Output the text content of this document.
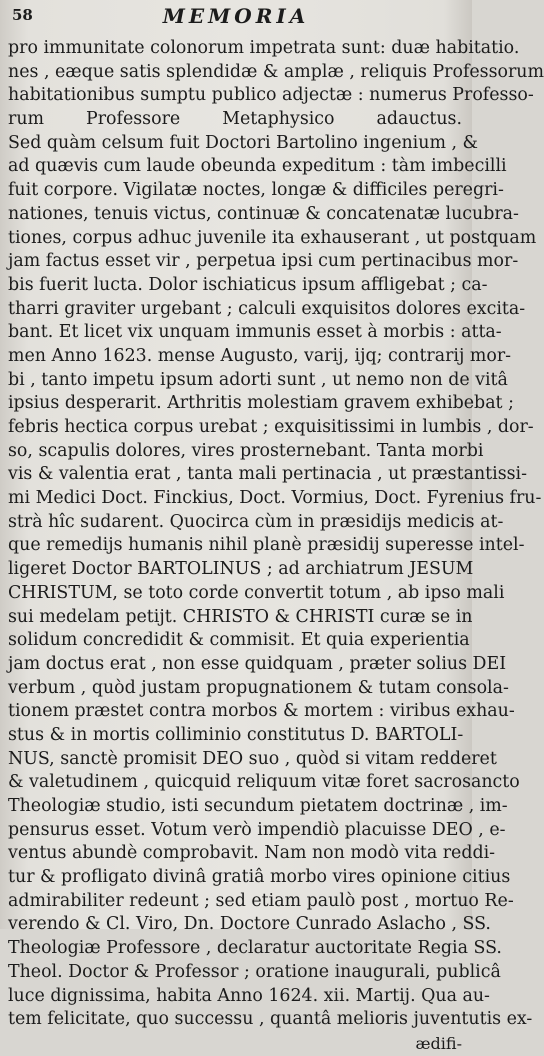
58	MEMORIA
pro immunitate colonorum impetrata sunt: duæ habitatio.
nes , eæque satis splendidæ & amplæ , reliquis Professorum
habitationibus sumptu publico adjectæ : numerus Professo-
rum Professore Metaphysico adauctus.
Sed quàm celsum fuit Doctori Bartolino ingenium , &
ad quævis cum laude obeunda expeditum : tàm imbecilli
fuit corpore. Vigilatæ noctes, longæ & difficiles peregri-
nationes, tenuis victus, continuæ & concatenatæ lucubra-
tiones, corpus adhuc juvenile ita exhauserant , ut postquam
jam factus esset vir , perpetua ipsi cum pertinacibus mor-
bis fuerit lucta. Dolor ischiaticus ipsum affligebat ; ca-
tharri graviter urgebant ; calculi exquisitos dolores excita-
bant. Et licet vix unquam immunis esset à morbis : atta-
men Anno 1623. mense Augusto, varij, ijq; contrarij mor-
bi , tanto impetu ipsum adorti sunt , ut nemo non de vitâ
ipsius desperarit. Arthritis molestiam gravem exhibebat ;
febris hectica corpus urebat ; exquisitissimi in lumbis , dor-
so, scapulis dolores, vires prosternebant. Tanta morbi
vis & valentia erat , tanta mali pertinacia , ut præstantissi-
mi Medici Doct. Finckius, Doct. Vormius, Doct. Fyrenius fru-
strà hîc sudarent. Quocirca cùm in præsidijs medicis at-
que remedijs humanis nihil planè præsidij superesse intel-
ligeret Doctor BARTOLINUS ; ad archiatrum JESUM
CHRISTUM, se toto corde convertit totum , ab ipso mali
sui medelam petijt. CHRISTO & CHRISTI curæ se in
solidum concredidit & commisit. Et quia experientia
jam doctus erat , non esse quidquam , præter solius DEI
verbum , quòd justam propugnationem & tutam consola-
tionem præstet contra morbos & mortem : viribus exhau-
stus & in mortis colliminio constitutus D. BARTOLI-
NUS, sanctè promisit DEO suo , quòd si vitam redderet
& valetudinem , quicquid reliquum vitæ foret sacrosancto
Theologiæ studio, isti secundum pietatem doctrinæ , im-
pensurus esset. Votum verò impendiò placuisse DEO , e-
ventus abundè comprobavit. Nam non modò vita reddi-
tur & profligato divinâ gratiâ morbo vires opinione citius
admirabiliter redeunt ; sed etiam paulò post , mortuo Re-
verendo & Cl. Viro, Dn. Doctore Cunrado Aslacho , SS.
Theologiæ Professore , declaratur auctoritate Regia SS.
Theol. Doctor & Professor ; oratione inaugurali, publicâ
luce dignissima, habita Anno 1624. xii. Martij. Qua au-
tem felicitate, quo successu , quantâ melioris juventutis ex-
ædifi-
